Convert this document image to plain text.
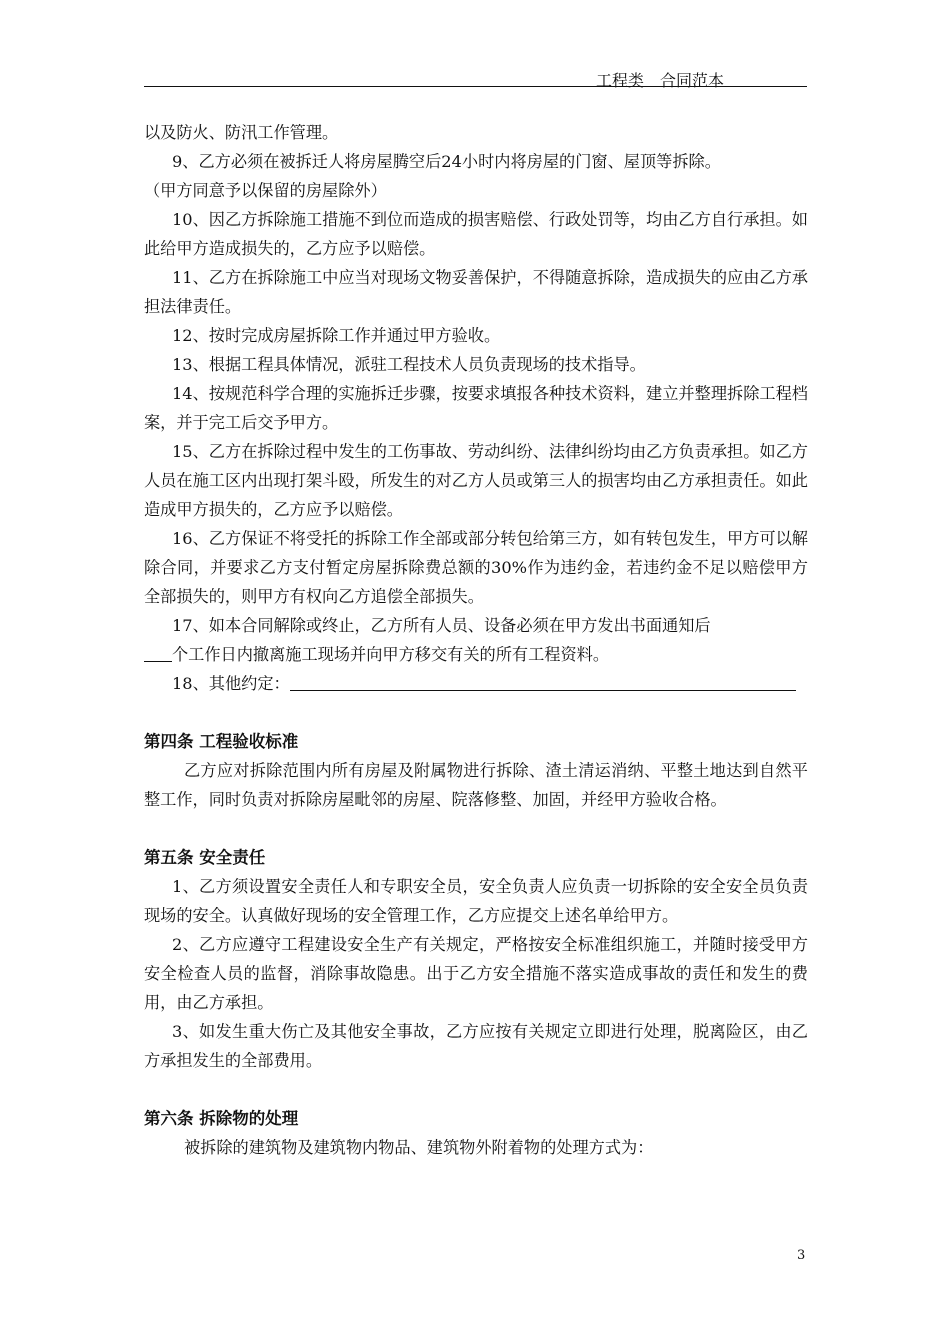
工程类　合同范本

以及防火、防汛工作管理。

9、乙方必须在被拆迁人将房屋腾空后24小时内将房屋的门窗、屋顶等拆除。

（甲方同意予以保留的房屋除外）

10、因乙方拆除施工措施不到位而造成的损害赔偿、行政处罚等，均由乙方自行承担。如此给甲方造成损失的，乙方应予以赔偿。

11、乙方在拆除施工中应当对现场文物妥善保护，不得随意拆除，造成损失的应由乙方承担法律责任。

12、按时完成房屋拆除工作并通过甲方验收。

13、根据工程具体情况，派驻工程技术人员负责现场的技术指导。

14、按规范科学合理的实施拆迁步骤，按要求填报各种技术资料，建立并整理拆除工程档案，并于完工后交予甲方。

15、乙方在拆除过程中发生的工伤事故、劳动纠纷、法律纠纷均由乙方负责承担。如乙方人员在施工区内出现打架斗殴，所发生的对乙方人员或第三人的损害均由乙方承担责任。如此造成甲方损失的，乙方应予以赔偿。

16、乙方保证不将受托的拆除工作全部或部分转包给第三方，如有转包发生，甲方可以解除合同，并要求乙方支付暂定房屋拆除费总额的30%作为违约金，若违约金不足以赔偿甲方全部损失的，则甲方有权向乙方追偿全部损失。

17、如本合同解除或终止，乙方所有人员、设备必须在甲方发出书面通知后

个工作日内撤离施工现场并向甲方移交有关的所有工程资料。

18、其他约定：

第四条 工程验收标准

乙方应对拆除范围内所有房屋及附属物进行拆除、渣土清运消纳、平整土地达到自然平整工作，同时负责对拆除房屋毗邻的房屋、院落修整、加固，并经甲方验收合格。

第五条 安全责任

1、乙方须设置安全责任人和专职安全员，安全负责人应负责一切拆除的安全安全员负责现场的安全。认真做好现场的安全管理工作，乙方应提交上述名单给甲方。

2、乙方应遵守工程建设安全生产有关规定，严格按安全标准组织施工，并随时接受甲方安全检查人员的监督，消除事故隐患。出于乙方安全措施不落实造成事故的责任和发生的费用，由乙方承担。

3、如发生重大伤亡及其他安全事故，乙方应按有关规定立即进行处理，脱离险区，由乙方承担发生的全部费用。

第六条 拆除物的处理

被拆除的建筑物及建筑物内物品、建筑物外附着物的处理方式为：

3
